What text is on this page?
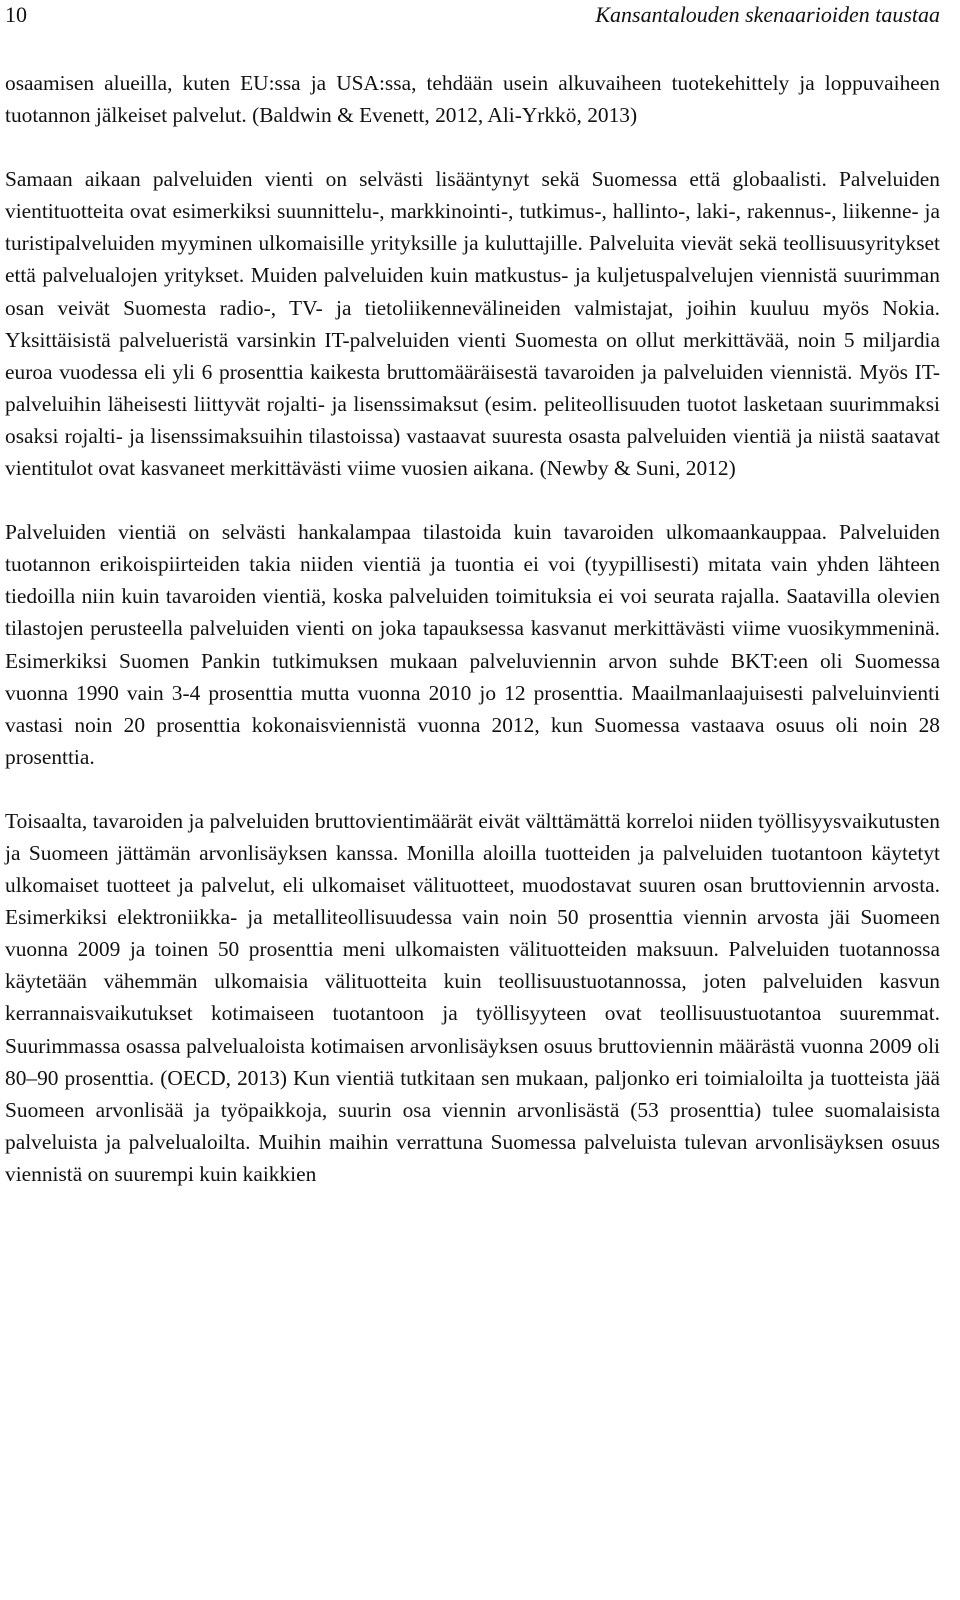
10	Kansantalouden skenaarioiden taustaa

osaamisen alueilla, kuten EU:ssa ja USA:ssa, tehdään usein alkuvaiheen tuotekehittely ja loppuvaiheen tuotannon jälkeiset palvelut. (Baldwin & Evenett, 2012, Ali-Yrkkö, 2013)

Samaan aikaan palveluiden vienti on selvästi lisääntynyt sekä Suomessa että globaalisti. Palveluiden vientituotteita ovat esimerkiksi suunnittelu-, markkinointi-, tutkimus-, hallinto-, laki-, rakennus-, liikenne- ja turistipalveluiden myyminen ulkomaisille yrityksille ja kuluttajille. Palveluita vievät sekä teollisuusyritykset että palvelualojen yritykset. Muiden palveluiden kuin matkustus- ja kuljetuspalvelujen viennistä suurimman osan veivät Suomesta radio-, TV- ja tietoliikennevälineiden valmistajat, joihin kuuluu myös Nokia. Yksittäisistä palvelueristä varsinkin IT-palveluiden vienti Suomesta on ollut merkittävää, noin 5 miljardia euroa vuodessa eli yli 6 prosenttia kaikesta bruttomääräisestä tavaroiden ja palveluiden viennistä. Myös IT-palveluihin läheisesti liittyvät rojalti- ja lisenssimaksut (esim. peliteollisuuden tuotot lasketaan suurimmaksi osaksi rojalti- ja lisenssimaksuihin tilastoissa) vastaavat suuresta osasta palveluiden vientiä ja niistä saatavat vientitulot ovat kasvaneet merkittävästi viime vuosien aikana. (Newby & Suni, 2012)

Palveluiden vientiä on selvästi hankalampaa tilastoida kuin tavaroiden ulkomaankauppaa. Palveluiden tuotannon erikoispiirteiden takia niiden vientiä ja tuontia ei voi (tyypillisesti) mitata vain yhden lähteen tiedoilla niin kuin tavaroiden vientiä, koska palveluiden toimituksia ei voi seurata rajalla. Saatavilla olevien tilastojen perusteella palveluiden vienti on joka tapauksessa kasvanut merkittävästi viime vuosikymmeninä. Esimerkiksi Suomen Pankin tutkimuksen mukaan palveluviennin arvon suhde BKT:een oli Suomessa vuonna 1990 vain 3-4 prosenttia mutta vuonna 2010 jo 12 prosenttia. Maailmanlaajuisesti palveluinvienti vastasi noin 20 prosenttia kokonaisviennistä vuonna 2012, kun Suomessa vastaava osuus oli noin 28 prosenttia.

Toisaalta, tavaroiden ja palveluiden bruttovientimäärät eivät välttämättä korreloi niiden työllisyysvaikutusten ja Suomeen jättämän arvonlisäyksen kanssa. Monilla aloilla tuotteiden ja palveluiden tuotantoon käytetyt ulkomaiset tuotteet ja palvelut, eli ulkomaiset välituotteet, muodostavat suuren osan bruttoviennin arvosta. Esimerkiksi elektroniikka- ja metalliteollisuudessa vain noin 50 prosenttia viennin arvosta jäi Suomeen vuonna 2009 ja toinen 50 prosenttia meni ulkomaisten välituotteiden maksuun. Palveluiden tuotannossa käytetään vähemmän ulkomaisia välituotteita kuin teollisuustuotannossa, joten palveluiden kasvun kerrannaisvaikutukset kotimaiseen tuotantoon ja työllisyyteen ovat teollisuustuotantoa suuremmat. Suurimmassa osassa palvelualoista kotimaisen arvonlisäyksen osuus bruttoviennin määrästä vuonna 2009 oli 80–90 prosenttia. (OECD, 2013) Kun vientiä tutkitaan sen mukaan, paljonko eri toimialoilta ja tuotteista jää Suomeen arvonlisää ja työpaikkoja, suurin osa viennin arvonlisästä (53 prosenttia) tulee suomalaisista palveluista ja palvelualoilta. Muihin maihin verrattuna Suomessa palveluista tulevan arvonlisäyksen osuus viennistä on suurempi kuin kaikkien
